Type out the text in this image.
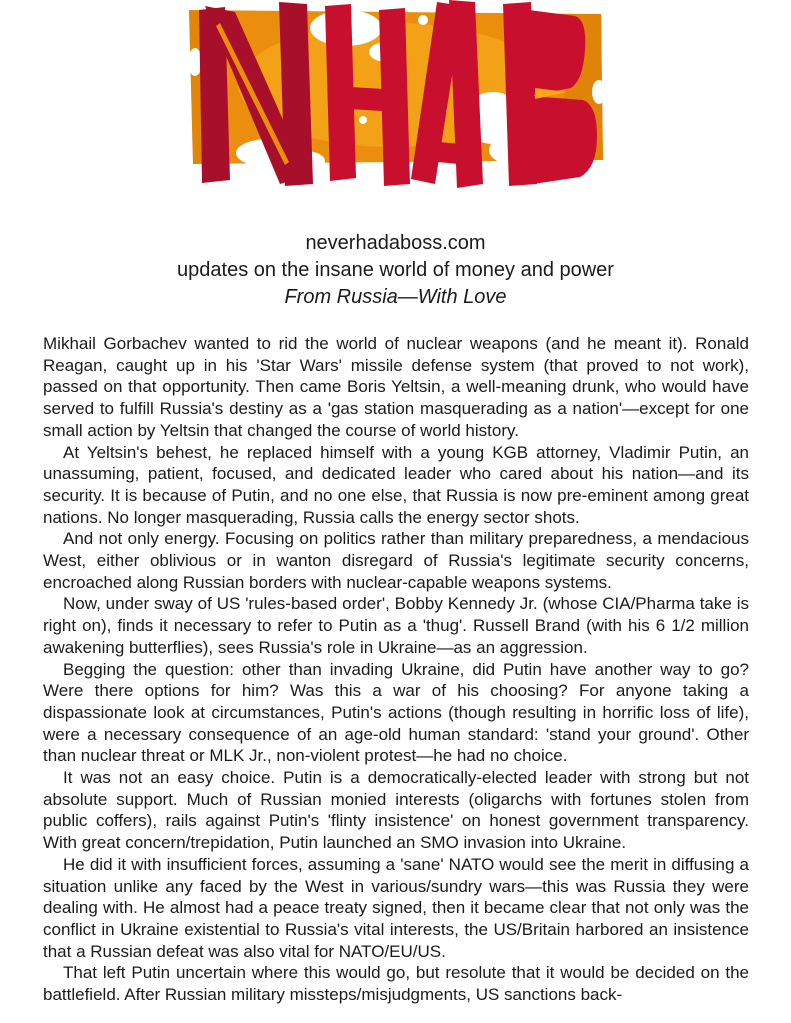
neverhadaboss.com
updates on the insane world of money and power
From Russia—With Love

Mikhail Gorbachev wanted to rid the world of nuclear weapons (and he meant it). Ronald Reagan, caught up in his 'Star Wars' missile defense system (that proved to not work), passed on that opportunity. Then came Boris Yeltsin, a well-meaning drunk, who would have served to fulfill Russia's destiny as a 'gas station masquerading as a nation'—except for one small action by Yeltsin that changed the course of world history.

At Yeltsin's behest, he replaced himself with a young KGB attorney, Vladimir Putin, an unassuming, patient, focused, and dedicated leader who cared about his nation—and its security. It is because of Putin, and no one else, that Russia is now pre-eminent among great nations. No longer masquerading, Russia calls the energy sector shots.

And not only energy. Focusing on politics rather than military preparedness, a mendacious West, either oblivious or in wanton disregard of Russia's legitimate security concerns, encroached along Russian borders with nuclear-capable weapons systems.

Now, under sway of US 'rules-based order', Bobby Kennedy Jr. (whose CIA/Pharma take is right on), finds it necessary to refer to Putin as a 'thug'. Russell Brand (with his 6 1/2 million awakening butterflies), sees Russia's role in Ukraine—as an aggression.

Begging the question: other than invading Ukraine, did Putin have another way to go? Were there options for him? Was this a war of his choosing? For anyone taking a dispassionate look at circumstances, Putin's actions (though resulting in horrific loss of life), were a necessary consequence of an age-old human standard: 'stand your ground'. Other than nuclear threat or MLK Jr., non-violent protest—he had no choice.

It was not an easy choice. Putin is a democratically-elected leader with strong but not absolute support. Much of Russian monied interests (oligarchs with fortunes stolen from public coffers), rails against Putin's 'flinty insistence' on honest government transparency. With great concern/trepidation, Putin launched an SMO invasion into Ukraine.

He did it with insufficient forces, assuming a 'sane' NATO would see the merit in diffusing a situation unlike any faced by the West in various/sundry wars—this was Russia they were dealing with. He almost had a peace treaty signed, then it became clear that not only was the conflict in Ukraine existential to Russia's vital interests, the US/Britain harbored an insistence that a Russian defeat was also vital for NATO/EU/US.

That left Putin uncertain where this would go, but resolute that it would be decided on the battlefield. After Russian military missteps/misjudgments, US sanctions back-
